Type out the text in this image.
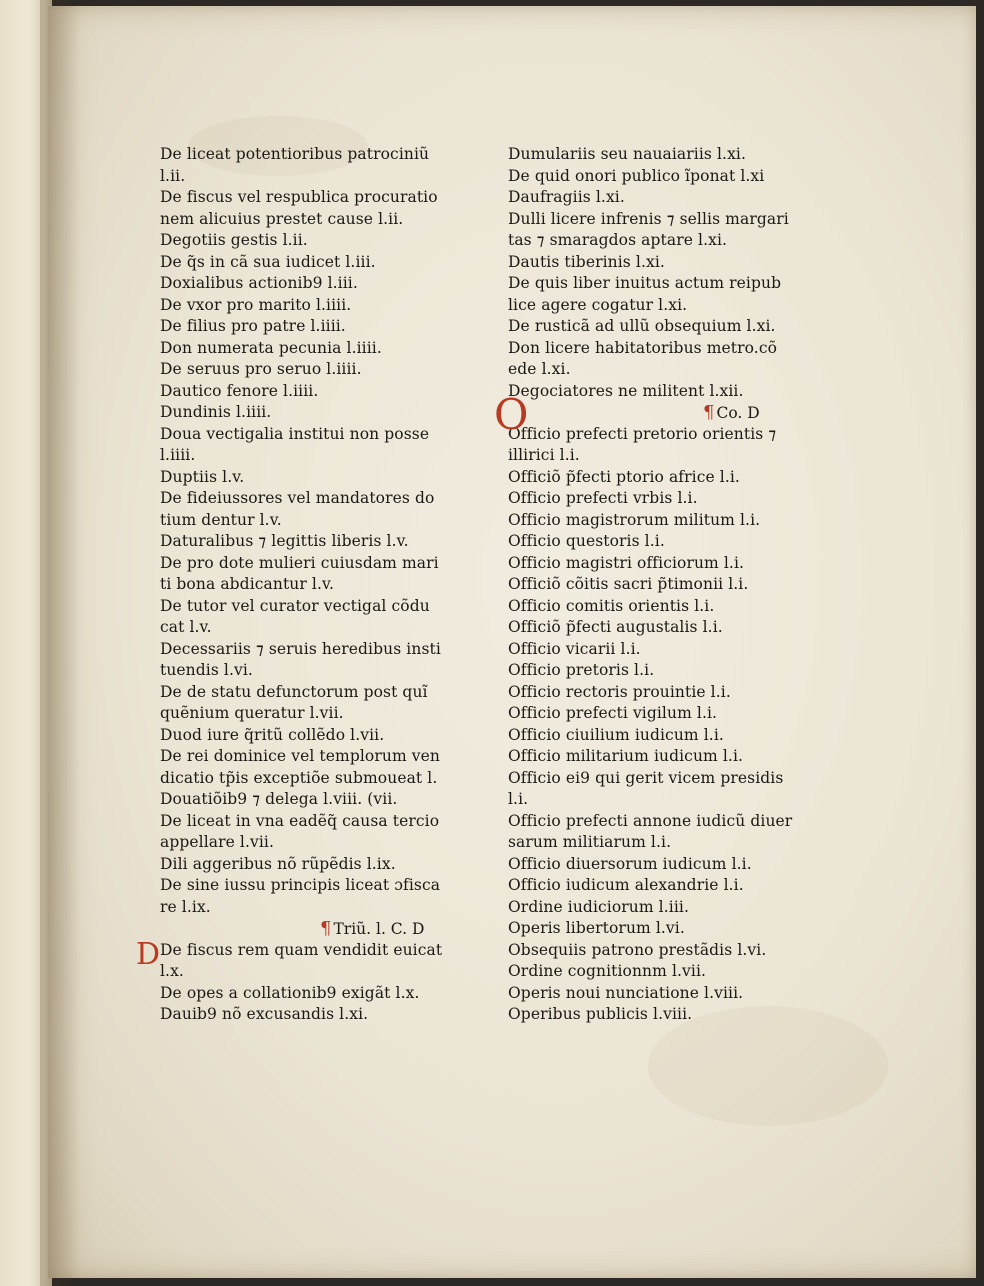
De liceat potentioribus patrociniũ
l.ii.
De fiscus vel respublica procuratio
nem alicuius prestet cause l.ii.
Degotiis gestis l.ii.
De q̃s in cã sua iudicet l.iii.
Doxialibus actionib9 l.iii.
De vxor pro marito l.iiii.
De filius pro patre l.iiii.
Don numerata pecunia l.iiii.
De seruus pro seruo l.iiii.
Dautico fenore l.iiii.
Dundinis l.iiii.
Doua vectigalia institui non posse
l.iiii.
Duptiis l.v.
De fideiussores vel mandatores do
tium dentur l.v.
Daturalibus ⁊ legittis liberis l.v.
De pro dote mulieri cuiusdam mari
ti bona abdicantur l.v.
De tutor vel curator vectigal cõdu
cat l.v.
Decessariis ⁊ seruis heredibus insti
tuendis l.vi.
De de statu defunctorum post quĩ
quẽnium queratur l.vii.
Duod iure q̃ritũ collẽdo l.vii.
De rei dominice vel templorum ven
dicatio tp̃is exceptiõe submoueat l.
Douatiõib9 ⁊ delega l.viii. (vii.
De liceat in vna eadẽq̃ causa tercio
appellare l.vii.
Dili aggeribus nõ rũpẽdis l.ix.
De sine iussu principis liceat ɔfisca
re l.ix.
¶ Triũ. l. C. D
D De fiscus rem quam vendidit euicat
l.x.
De opes a collationib9 exigãt l.x.
Dauib9 nõ excusandis l.xi.
Dumulariis seu nauaiariis l.xi.
De quid onori publico ĩponat l.xi
Daufragiis l.xi.
Dulli licere infrenis ⁊ sellis margari
tas ⁊ smaragdos aptare l.xi.
Dautis tiberinis l.xi.
De quis liber inuitus actum reipub
lice agere cogatur l.xi.
De rusticã ad ullũ obsequium l.xi.
Don licere habitatoribus metro.cõ
ede l.xi.
Degociatores ne militent l.xii.
¶ Co. D
O
Officio prefecti pretorio orientis ⁊
illirici l.i.
Officiõ p̃fecti ptorio africe l.i.
Officio prefecti vrbis l.i.
Officio magistrorum militum l.i.
Officio questoris l.i.
Officio magistri officiorum l.i.
Officiõ cõitis sacri p̃timonii l.i.
Officio comitis orientis l.i.
Officiõ p̃fecti augustalis l.i.
Officio vicarii l.i.
Officio pretoris l.i.
Officio rectoris prouintie l.i.
Officio prefecti vigilum l.i.
Officio ciuilium iudicum l.i.
Officio militarium iudicum l.i.
Officio ei9 qui gerit vicem presidis
l.i.
Officio prefecti annone iudicũ diuer
sarum militiarum l.i.
Officio diuersorum iudicum l.i.
Officio iudicum alexandrie l.i.
Ordine iudiciorum l.iii.
Operis libertorum l.vi.
Obsequiis patrono prestãdis l.vi.
Ordine cognitionnm l.vii.
Operis noui nunciatione l.viii.
Operibus publicis l.viii.
